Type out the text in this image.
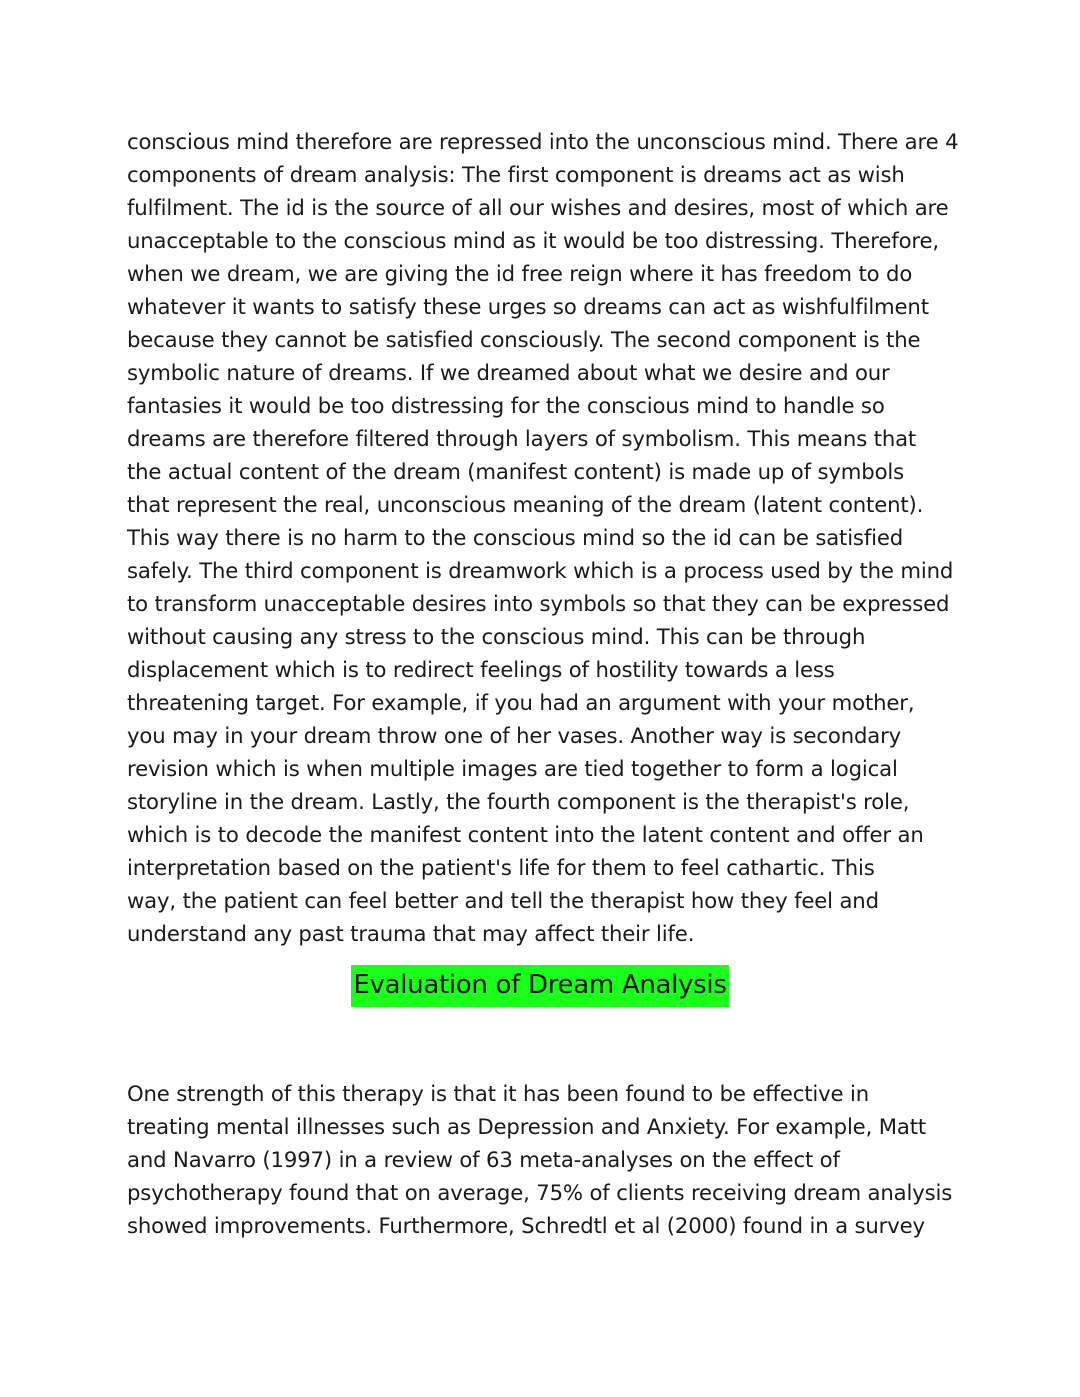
conscious mind therefore are repressed into the unconscious mind. There are 4
components of dream analysis: The first component is dreams act as wish
fulfilment. The id is the source of all our wishes and desires, most of which are
unacceptable to the conscious mind as it would be too distressing. Therefore,
when we dream, we are giving the id free reign where it has freedom to do
whatever it wants to satisfy these urges so dreams can act as wishfulfilment
because they cannot be satisfied consciously. The second component is the
symbolic nature of dreams. If we dreamed about what we desire and our
fantasies it would be too distressing for the conscious mind to handle so
dreams are therefore filtered through layers of symbolism. This means that
the actual content of the dream (manifest content) is made up of symbols
that represent the real, unconscious meaning of the dream (latent content).
This way there is no harm to the conscious mind so the id can be satisfied
safely. The third component is dreamwork which is a process used by the mind
to transform unacceptable desires into symbols so that they can be expressed
without causing any stress to the conscious mind. This can be through
displacement which is to redirect feelings of hostility towards a less
threatening target. For example, if you had an argument with your mother,
you may in your dream throw one of her vases. Another way is secondary
revision which is when multiple images are tied together to form a logical
storyline in the dream. Lastly, the fourth component is the therapist's role,
which is to decode the manifest content into the latent content and offer an
interpretation based on the patient's life for them to feel cathartic. This
way, the patient can feel better and tell the therapist how they feel and
understand any past trauma that may affect their life.

Evaluation of Dream Analysis

One strength of this therapy is that it has been found to be effective in
treating mental illnesses such as Depression and Anxiety. For example, Matt
and Navarro (1997) in a review of 63 meta-analyses on the effect of
psychotherapy found that on average, 75% of clients receiving dream analysis
showed improvements. Furthermore, Schredtl et al (2000) found in a survey
